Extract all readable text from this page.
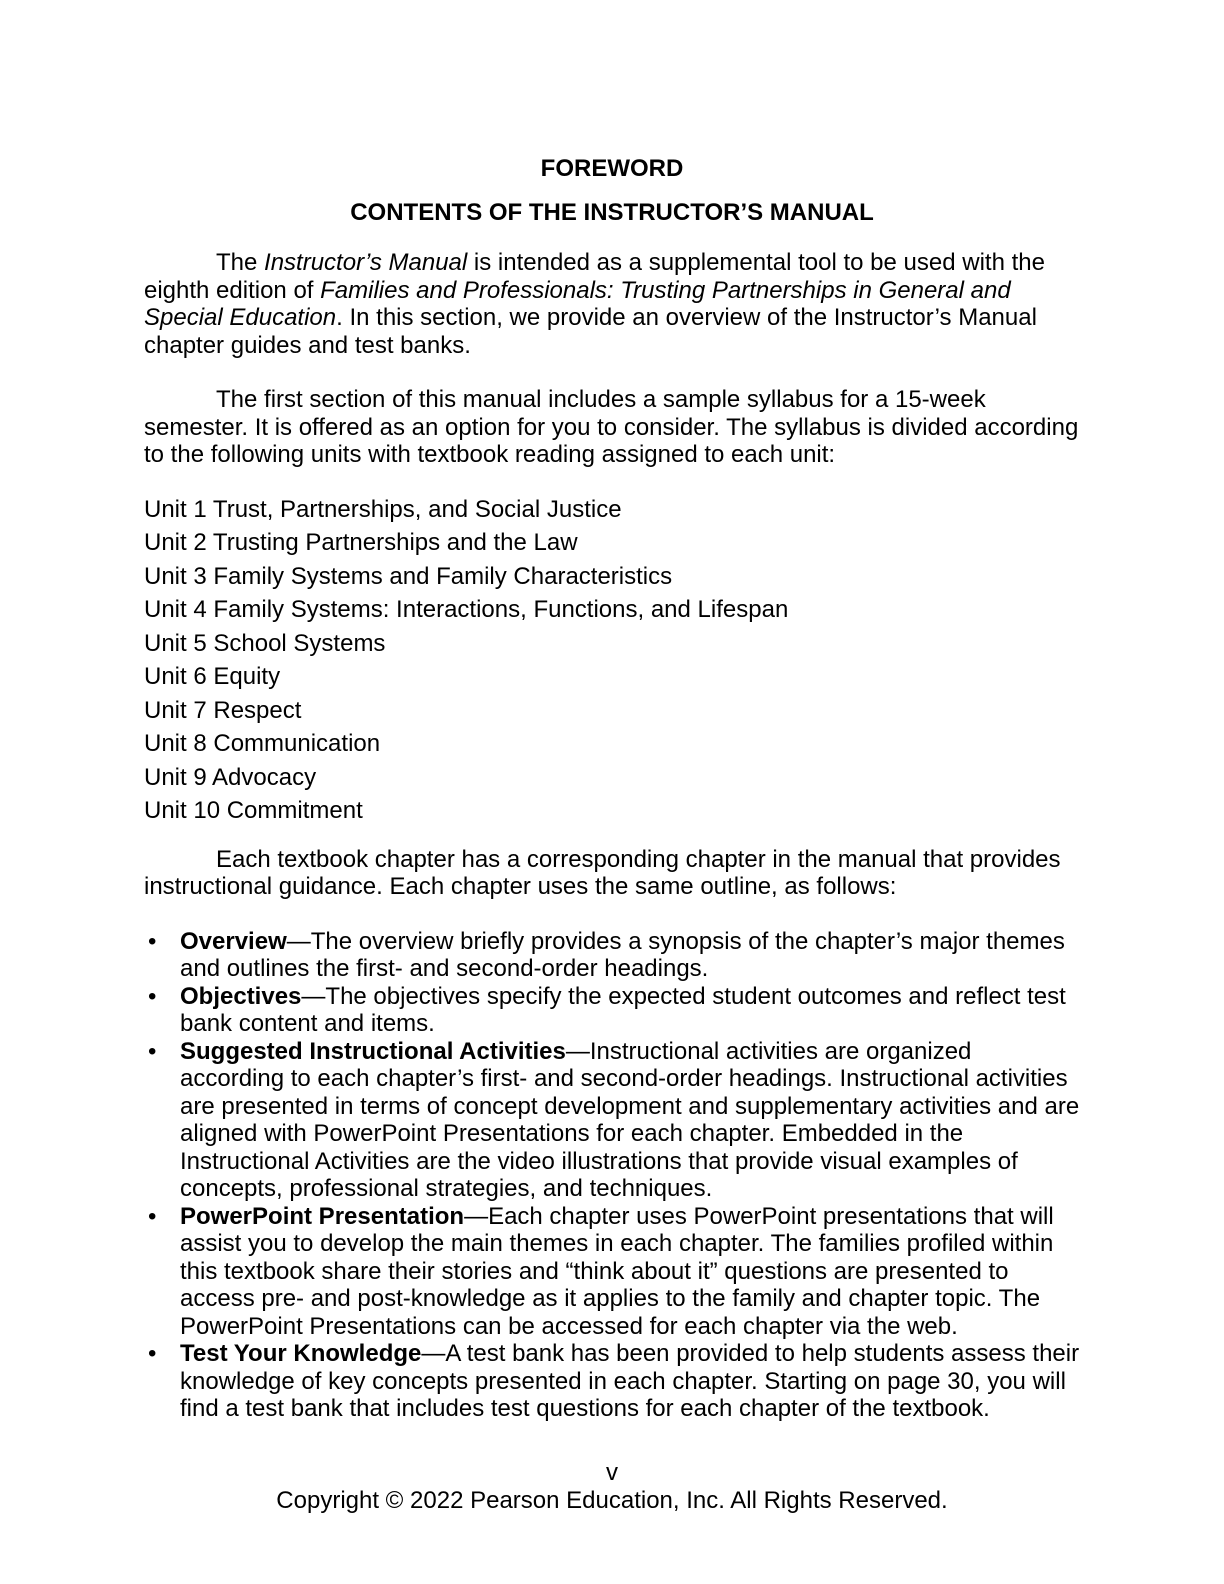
FOREWORD
CONTENTS OF THE INSTRUCTOR’S MANUAL

The Instructor’s Manual is intended as a supplemental tool to be used with the eighth edition of Families and Professionals: Trusting Partnerships in General and Special Education. In this section, we provide an overview of the Instructor’s Manual chapter guides and test banks.

The first section of this manual includes a sample syllabus for a 15-week semester. It is offered as an option for you to consider. The syllabus is divided according to the following units with textbook reading assigned to each unit:

Unit 1 Trust, Partnerships, and Social Justice
Unit 2 Trusting Partnerships and the Law
Unit 3 Family Systems and Family Characteristics
Unit 4 Family Systems: Interactions, Functions, and Lifespan
Unit 5 School Systems
Unit 6 Equity
Unit 7 Respect
Unit 8 Communication
Unit 9 Advocacy
Unit 10 Commitment

Each textbook chapter has a corresponding chapter in the manual that provides instructional guidance. Each chapter uses the same outline, as follows:

• Overview—The overview briefly provides a synopsis of the chapter’s major themes and outlines the first- and second-order headings.
• Objectives—The objectives specify the expected student outcomes and reflect test bank content and items.
• Suggested Instructional Activities—Instructional activities are organized according to each chapter’s first- and second-order headings. Instructional activities are presented in terms of concept development and supplementary activities and are aligned with PowerPoint Presentations for each chapter. Embedded in the Instructional Activities are the video illustrations that provide visual examples of concepts, professional strategies, and techniques.
• PowerPoint Presentation—Each chapter uses PowerPoint presentations that will assist you to develop the main themes in each chapter. The families profiled within this textbook share their stories and “think about it” questions are presented to access pre- and post-knowledge as it applies to the family and chapter topic. The PowerPoint Presentations can be accessed for each chapter via the web.
• Test Your Knowledge—A test bank has been provided to help students assess their knowledge of key concepts presented in each chapter. Starting on page 30, you will find a test bank that includes test questions for each chapter of the textbook.
v
Copyright © 2022 Pearson Education, Inc. All Rights Reserved.
